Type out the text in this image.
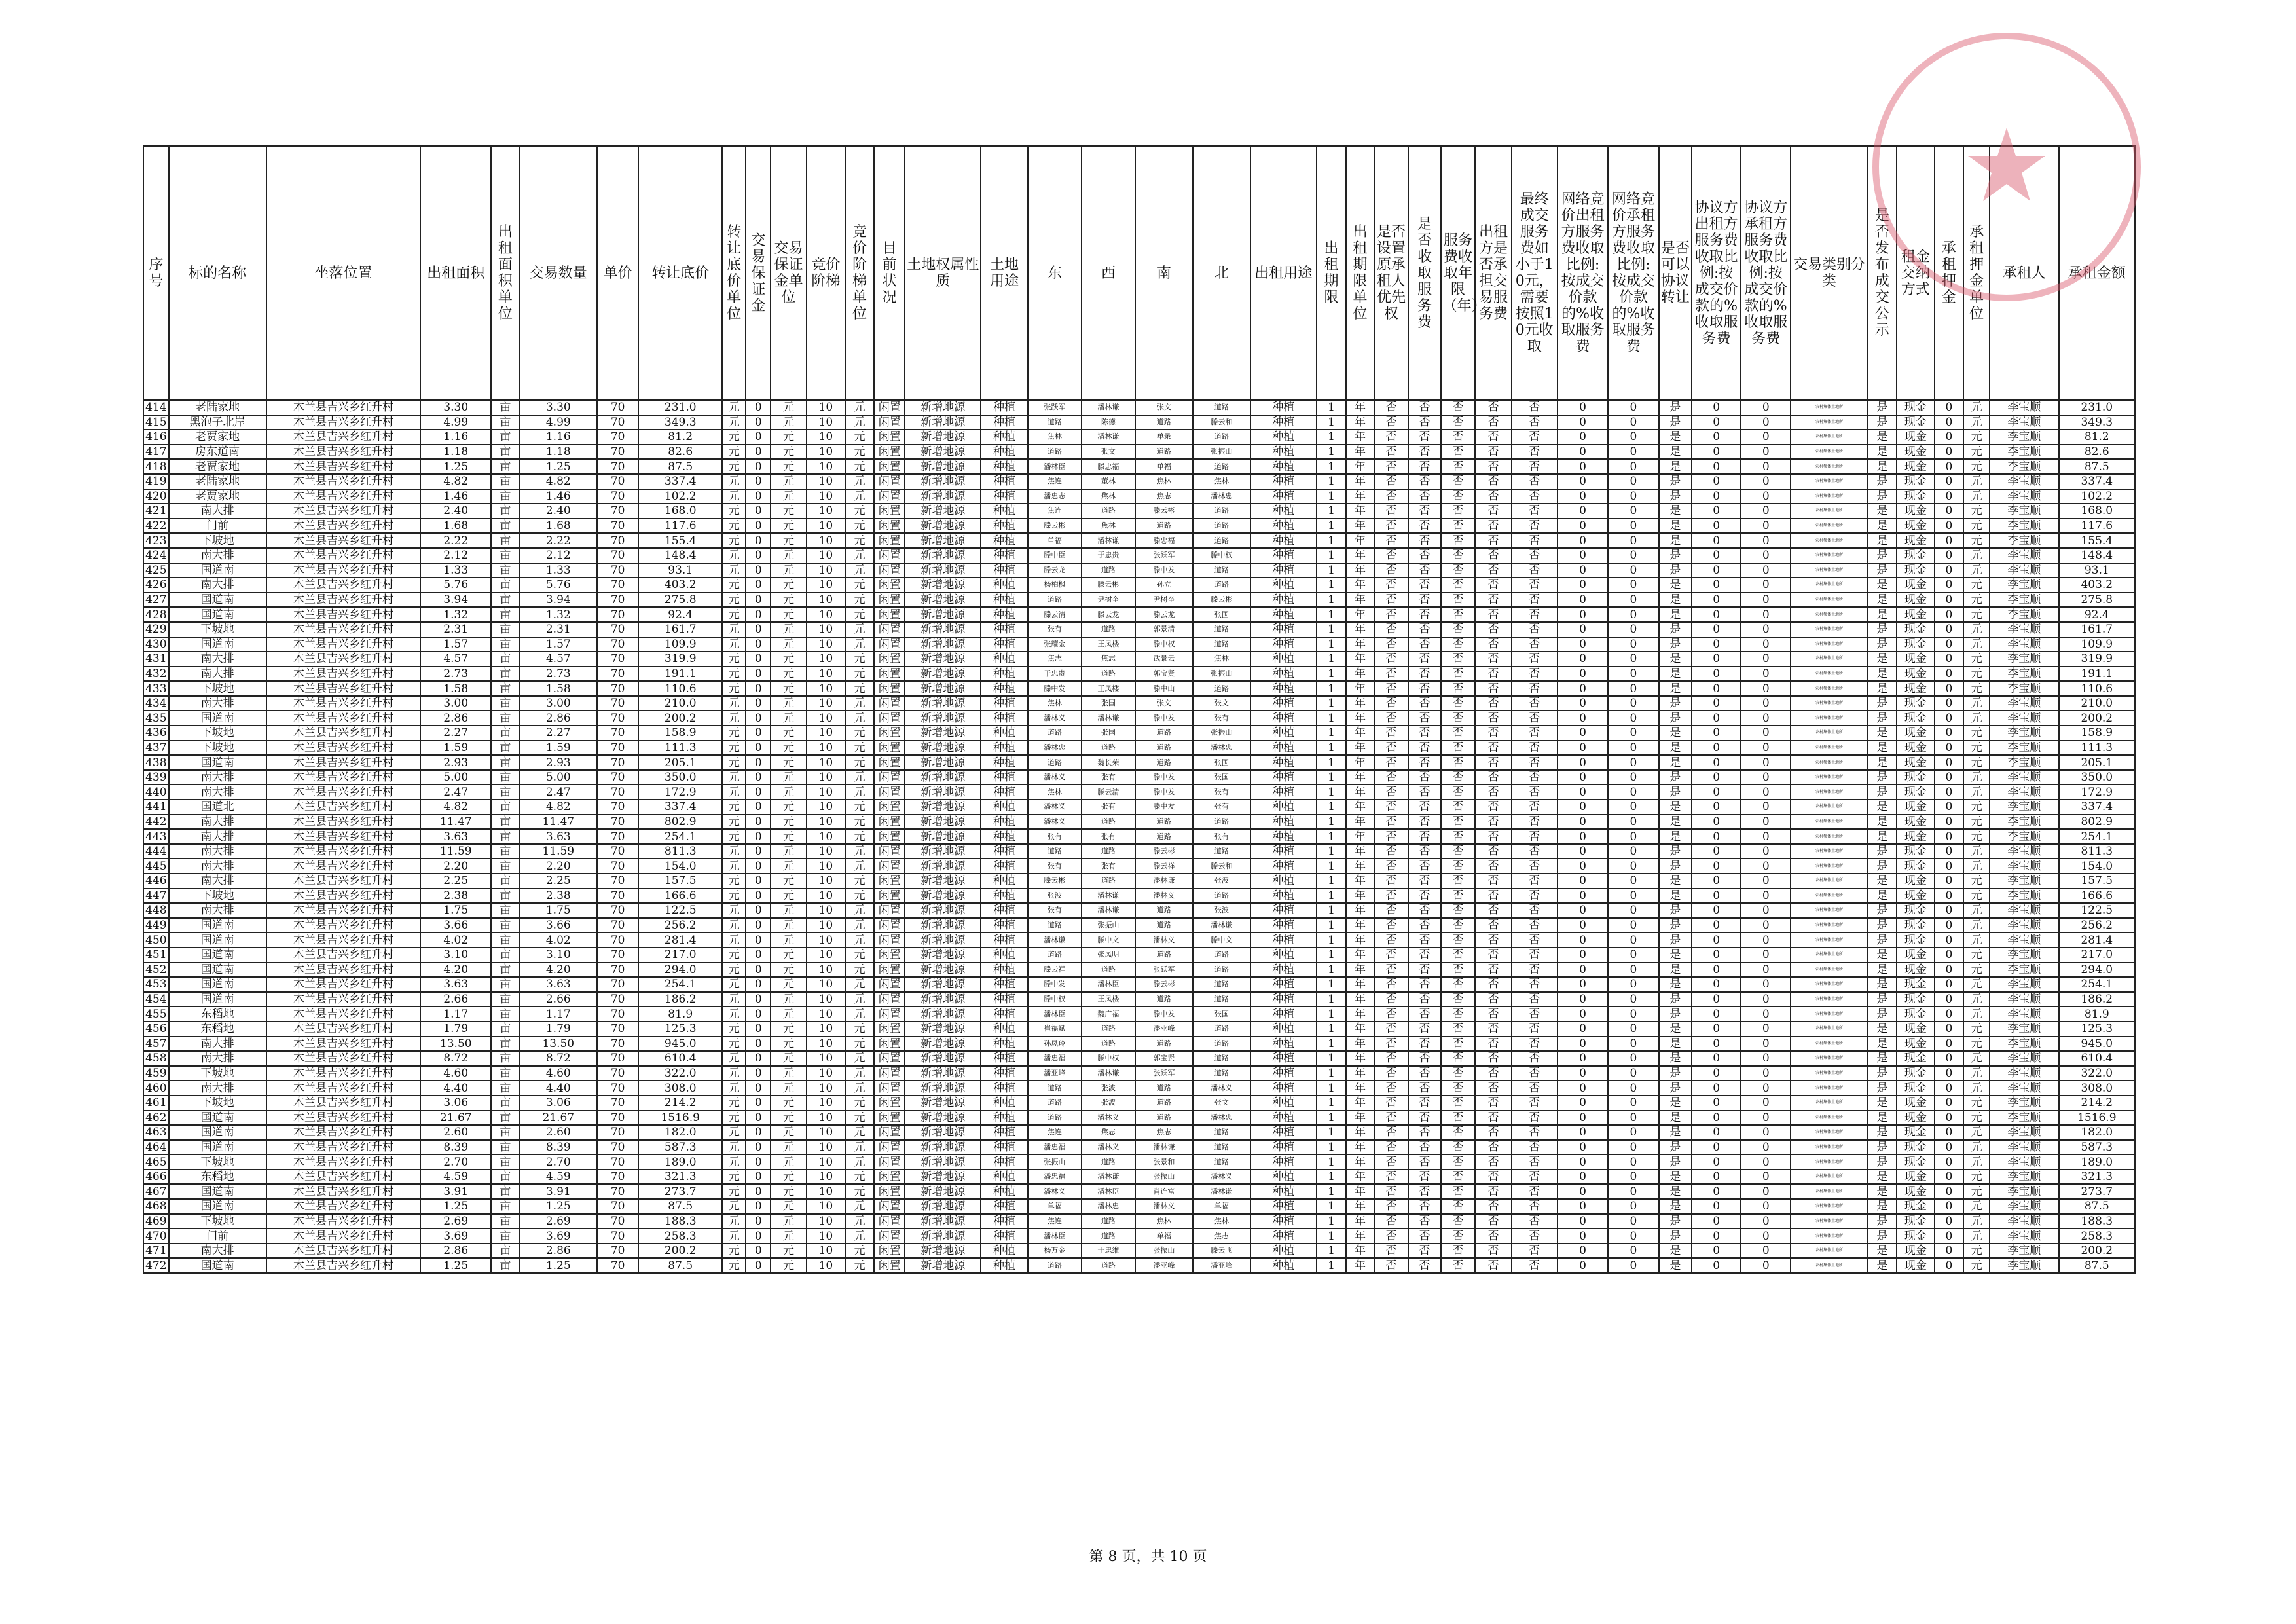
序号	标的名称	坐落位置	出租面积	出租面积单位	交易数量	单价	转让底价	转让底价单位	交易保证金	交易保证金单位	竞价阶梯	竞价阶梯单位	目前状况	土地权属性质	土地用途	东	西	南	北	出租用途	出租期限	出租期限单位	是否设置原承租人优先权	是否收取服务费	服务费收取年限（年）	出租方是否承担交易服务费	最终成交服务费如小于10元，需要按照10元收取	网络竞价出租方服务费收取比例:按成交价款的%收取服务费	网络竞价承租方服务费收取比例:按成交价款的%收取服务费	是否可以协议转让	协议方出租方服务费收取比例:按成交价款的%收取服务费	协议方承租方服务费收取比例:按成交价款的%收取服务费	交易类别分类	是否发布成交公示	租金交纳方式	承租押金	承租押金单位	承租人	承租金额
414	老陆家地	木兰县吉兴乡红升村	3.30	亩	3.30	70	231.0	元	0	元	10	元	闲置	新增地源	种植	张跃军	潘林谦	张文	道路	种植	1	年	否	否	否	否	否	0	0	是	0	0	农村集体土地所	是	现金	0	元	李宝顺	231.0
415	黑泡子北岸	木兰县吉兴乡红升村	4.99	亩	4.99	70	349.3	元	0	元	10	元	闲置	新增地源	种植	道路	陈德	道路	滕云和	种植	1	年	否	否	否	否	否	0	0	是	0	0	农村集体土地所	是	现金	0	元	李宝顺	349.3
416	老贾家地	木兰县吉兴乡红升村	1.16	亩	1.16	70	81.2	元	0	元	10	元	闲置	新增地源	种植	焦林	潘林谦	单录	道路	种植	1	年	否	否	否	否	否	0	0	是	0	0	农村集体土地所	是	现金	0	元	李宝顺	81.2
417	房东道南	木兰县吉兴乡红升村	1.18	亩	1.18	70	82.6	元	0	元	10	元	闲置	新增地源	种植	道路	张文	道路	张振山	种植	1	年	否	否	否	否	否	0	0	是	0	0	农村集体土地所	是	现金	0	元	李宝顺	82.6
418	老贾家地	木兰县吉兴乡红升村	1.25	亩	1.25	70	87.5	元	0	元	10	元	闲置	新增地源	种植	潘林臣	滕忠福	单福	道路	种植	1	年	否	否	否	否	否	0	0	是	0	0	农村集体土地所	是	现金	0	元	李宝顺	87.5
419	老陆家地	木兰县吉兴乡红升村	4.82	亩	4.82	70	337.4	元	0	元	10	元	闲置	新增地源	种植	焦连	董林	焦林	焦林	种植	1	年	否	否	否	否	否	0	0	是	0	0	农村集体土地所	是	现金	0	元	李宝顺	337.4
420	老贾家地	木兰县吉兴乡红升村	1.46	亩	1.46	70	102.2	元	0	元	10	元	闲置	新增地源	种植	潘忠志	焦林	焦志	潘林忠	种植	1	年	否	否	否	否	否	0	0	是	0	0	农村集体土地所	是	现金	0	元	李宝顺	102.2
421	南大排	木兰县吉兴乡红升村	2.40	亩	2.40	70	168.0	元	0	元	10	元	闲置	新增地源	种植	焦连	道路	滕云彬	道路	种植	1	年	否	否	否	否	否	0	0	是	0	0	农村集体土地所	是	现金	0	元	李宝顺	168.0
422	门前	木兰县吉兴乡红升村	1.68	亩	1.68	70	117.6	元	0	元	10	元	闲置	新增地源	种植	滕云彬	焦林	道路	道路	种植	1	年	否	否	否	否	否	0	0	是	0	0	农村集体土地所	是	现金	0	元	李宝顺	117.6
423	下坡地	木兰县吉兴乡红升村	2.22	亩	2.22	70	155.4	元	0	元	10	元	闲置	新增地源	种植	单福	潘林谦	滕忠福	道路	种植	1	年	否	否	否	否	否	0	0	是	0	0	农村集体土地所	是	现金	0	元	李宝顺	155.4
424	南大排	木兰县吉兴乡红升村	2.12	亩	2.12	70	148.4	元	0	元	10	元	闲置	新增地源	种植	滕中臣	于忠贵	张跃军	滕中权	种植	1	年	否	否	否	否	否	0	0	是	0	0	农村集体土地所	是	现金	0	元	李宝顺	148.4
425	国道南	木兰县吉兴乡红升村	1.33	亩	1.33	70	93.1	元	0	元	10	元	闲置	新增地源	种植	滕云龙	道路	滕中发	道路	种植	1	年	否	否	否	否	否	0	0	是	0	0	农村集体土地所	是	现金	0	元	李宝顺	93.1
426	南大排	木兰县吉兴乡红升村	5.76	亩	5.76	70	403.2	元	0	元	10	元	闲置	新增地源	种植	杨柏枫	滕云彬	孙立	道路	种植	1	年	否	否	否	否	否	0	0	是	0	0	农村集体土地所	是	现金	0	元	李宝顺	403.2
427	国道南	木兰县吉兴乡红升村	3.94	亩	3.94	70	275.8	元	0	元	10	元	闲置	新增地源	种植	道路	尹树奎	尹树奎	滕云彬	种植	1	年	否	否	否	否	否	0	0	是	0	0	农村集体土地所	是	现金	0	元	李宝顺	275.8
428	国道南	木兰县吉兴乡红升村	1.32	亩	1.32	70	92.4	元	0	元	10	元	闲置	新增地源	种植	滕云清	滕云龙	滕云龙	张国	种植	1	年	否	否	否	否	否	0	0	是	0	0	农村集体土地所	是	现金	0	元	李宝顺	92.4
429	下坡地	木兰县吉兴乡红升村	2.31	亩	2.31	70	161.7	元	0	元	10	元	闲置	新增地源	种植	张有	道路	郭景清	道路	种植	1	年	否	否	否	否	否	0	0	是	0	0	农村集体土地所	是	现金	0	元	李宝顺	161.7
430	国道南	木兰县吉兴乡红升村	1.57	亩	1.57	70	109.9	元	0	元	10	元	闲置	新增地源	种植	张耀金	王凤楼	滕中权	道路	种植	1	年	否	否	否	否	否	0	0	是	0	0	农村集体土地所	是	现金	0	元	李宝顺	109.9
431	南大排	木兰县吉兴乡红升村	4.57	亩	4.57	70	319.9	元	0	元	10	元	闲置	新增地源	种植	焦志	焦志	武景云	焦林	种植	1	年	否	否	否	否	否	0	0	是	0	0	农村集体土地所	是	现金	0	元	李宝顺	319.9
432	南大排	木兰县吉兴乡红升村	2.73	亩	2.73	70	191.1	元	0	元	10	元	闲置	新增地源	种植	于忠贵	道路	郭宝贤	张振山	种植	1	年	否	否	否	否	否	0	0	是	0	0	农村集体土地所	是	现金	0	元	李宝顺	191.1
433	下坡地	木兰县吉兴乡红升村	1.58	亩	1.58	70	110.6	元	0	元	10	元	闲置	新增地源	种植	滕中发	王凤楼	滕中山	道路	种植	1	年	否	否	否	否	否	0	0	是	0	0	农村集体土地所	是	现金	0	元	李宝顺	110.6
434	南大排	木兰县吉兴乡红升村	3.00	亩	3.00	70	210.0	元	0	元	10	元	闲置	新增地源	种植	焦林	张国	张文	张文	种植	1	年	否	否	否	否	否	0	0	是	0	0	农村集体土地所	是	现金	0	元	李宝顺	210.0
435	国道南	木兰县吉兴乡红升村	2.86	亩	2.86	70	200.2	元	0	元	10	元	闲置	新增地源	种植	潘林义	潘林谦	滕中发	张有	种植	1	年	否	否	否	否	否	0	0	是	0	0	农村集体土地所	是	现金	0	元	李宝顺	200.2
436	下坡地	木兰县吉兴乡红升村	2.27	亩	2.27	70	158.9	元	0	元	10	元	闲置	新增地源	种植	道路	张国	道路	张振山	种植	1	年	否	否	否	否	否	0	0	是	0	0	农村集体土地所	是	现金	0	元	李宝顺	158.9
437	下坡地	木兰县吉兴乡红升村	1.59	亩	1.59	70	111.3	元	0	元	10	元	闲置	新增地源	种植	潘林忠	道路	道路	潘林忠	种植	1	年	否	否	否	否	否	0	0	是	0	0	农村集体土地所	是	现金	0	元	李宝顺	111.3
438	国道南	木兰县吉兴乡红升村	2.93	亩	2.93	70	205.1	元	0	元	10	元	闲置	新增地源	种植	道路	魏长荣	道路	张国	种植	1	年	否	否	否	否	否	0	0	是	0	0	农村集体土地所	是	现金	0	元	李宝顺	205.1
439	南大排	木兰县吉兴乡红升村	5.00	亩	5.00	70	350.0	元	0	元	10	元	闲置	新增地源	种植	潘林义	张有	滕中发	张国	种植	1	年	否	否	否	否	否	0	0	是	0	0	农村集体土地所	是	现金	0	元	李宝顺	350.0
440	南大排	木兰县吉兴乡红升村	2.47	亩	2.47	70	172.9	元	0	元	10	元	闲置	新增地源	种植	焦林	滕云清	滕中发	张有	种植	1	年	否	否	否	否	否	0	0	是	0	0	农村集体土地所	是	现金	0	元	李宝顺	172.9
441	国道北	木兰县吉兴乡红升村	4.82	亩	4.82	70	337.4	元	0	元	10	元	闲置	新增地源	种植	潘林义	张有	滕中发	张有	种植	1	年	否	否	否	否	否	0	0	是	0	0	农村集体土地所	是	现金	0	元	李宝顺	337.4
442	南大排	木兰县吉兴乡红升村	11.47	亩	11.47	70	802.9	元	0	元	10	元	闲置	新增地源	种植	潘林义	道路	道路	道路	种植	1	年	否	否	否	否	否	0	0	是	0	0	农村集体土地所	是	现金	0	元	李宝顺	802.9
443	南大排	木兰县吉兴乡红升村	3.63	亩	3.63	70	254.1	元	0	元	10	元	闲置	新增地源	种植	张有	张有	道路	张有	种植	1	年	否	否	否	否	否	0	0	是	0	0	农村集体土地所	是	现金	0	元	李宝顺	254.1
444	南大排	木兰县吉兴乡红升村	11.59	亩	11.59	70	811.3	元	0	元	10	元	闲置	新增地源	种植	道路	道路	滕云彬	道路	种植	1	年	否	否	否	否	否	0	0	是	0	0	农村集体土地所	是	现金	0	元	李宝顺	811.3
445	南大排	木兰县吉兴乡红升村	2.20	亩	2.20	70	154.0	元	0	元	10	元	闲置	新增地源	种植	张有	张有	滕云祥	滕云和	种植	1	年	否	否	否	否	否	0	0	是	0	0	农村集体土地所	是	现金	0	元	李宝顺	154.0
446	南大排	木兰县吉兴乡红升村	2.25	亩	2.25	70	157.5	元	0	元	10	元	闲置	新增地源	种植	滕云彬	道路	潘林谦	张波	种植	1	年	否	否	否	否	否	0	0	是	0	0	农村集体土地所	是	现金	0	元	李宝顺	157.5
447	下坡地	木兰县吉兴乡红升村	2.38	亩	2.38	70	166.6	元	0	元	10	元	闲置	新增地源	种植	张波	潘林谦	潘林义	道路	种植	1	年	否	否	否	否	否	0	0	是	0	0	农村集体土地所	是	现金	0	元	李宝顺	166.6
448	南大排	木兰县吉兴乡红升村	1.75	亩	1.75	70	122.5	元	0	元	10	元	闲置	新增地源	种植	张有	潘林谦	道路	张波	种植	1	年	否	否	否	否	否	0	0	是	0	0	农村集体土地所	是	现金	0	元	李宝顺	122.5
449	国道南	木兰县吉兴乡红升村	3.66	亩	3.66	70	256.2	元	0	元	10	元	闲置	新增地源	种植	道路	张振山	道路	潘林谦	种植	1	年	否	否	否	否	否	0	0	是	0	0	农村集体土地所	是	现金	0	元	李宝顺	256.2
450	国道南	木兰县吉兴乡红升村	4.02	亩	4.02	70	281.4	元	0	元	10	元	闲置	新增地源	种植	潘林谦	滕中文	潘林义	滕中文	种植	1	年	否	否	否	否	否	0	0	是	0	0	农村集体土地所	是	现金	0	元	李宝顺	281.4
451	国道南	木兰县吉兴乡红升村	3.10	亩	3.10	70	217.0	元	0	元	10	元	闲置	新增地源	种植	道路	张凤明	道路	道路	种植	1	年	否	否	否	否	否	0	0	是	0	0	农村集体土地所	是	现金	0	元	李宝顺	217.0
452	国道南	木兰县吉兴乡红升村	4.20	亩	4.20	70	294.0	元	0	元	10	元	闲置	新增地源	种植	滕云祥	道路	张跃军	道路	种植	1	年	否	否	否	否	否	0	0	是	0	0	农村集体土地所	是	现金	0	元	李宝顺	294.0
453	国道南	木兰县吉兴乡红升村	3.63	亩	3.63	70	254.1	元	0	元	10	元	闲置	新增地源	种植	滕中发	潘林臣	滕云彬	道路	种植	1	年	否	否	否	否	否	0	0	是	0	0	农村集体土地所	是	现金	0	元	李宝顺	254.1
454	国道南	木兰县吉兴乡红升村	2.66	亩	2.66	70	186.2	元	0	元	10	元	闲置	新增地源	种植	滕中权	王凤楼	道路	道路	种植	1	年	否	否	否	否	否	0	0	是	0	0	农村集体土地所	是	现金	0	元	李宝顺	186.2
455	东稻地	木兰县吉兴乡红升村	1.17	亩	1.17	70	81.9	元	0	元	10	元	闲置	新增地源	种植	潘林臣	魏广福	滕中发	张国	种植	1	年	否	否	否	否	否	0	0	是	0	0	农村集体土地所	是	现金	0	元	李宝顺	81.9
456	东稻地	木兰县吉兴乡红升村	1.79	亩	1.79	70	125.3	元	0	元	10	元	闲置	新增地源	种植	崔福斌	道路	潘亚峰	道路	种植	1	年	否	否	否	否	否	0	0	是	0	0	农村集体土地所	是	现金	0	元	李宝顺	125.3
457	南大排	木兰县吉兴乡红升村	13.50	亩	13.50	70	945.0	元	0	元	10	元	闲置	新增地源	种植	孙凤玲	道路	道路	道路	种植	1	年	否	否	否	否	否	0	0	是	0	0	农村集体土地所	是	现金	0	元	李宝顺	945.0
458	南大排	木兰县吉兴乡红升村	8.72	亩	8.72	70	610.4	元	0	元	10	元	闲置	新增地源	种植	潘忠福	滕中权	郭宝贤	道路	种植	1	年	否	否	否	否	否	0	0	是	0	0	农村集体土地所	是	现金	0	元	李宝顺	610.4
459	下坡地	木兰县吉兴乡红升村	4.60	亩	4.60	70	322.0	元	0	元	10	元	闲置	新增地源	种植	潘亚峰	潘林谦	张跃军	道路	种植	1	年	否	否	否	否	否	0	0	是	0	0	农村集体土地所	是	现金	0	元	李宝顺	322.0
460	南大排	木兰县吉兴乡红升村	4.40	亩	4.40	70	308.0	元	0	元	10	元	闲置	新增地源	种植	道路	张波	道路	潘林义	种植	1	年	否	否	否	否	否	0	0	是	0	0	农村集体土地所	是	现金	0	元	李宝顺	308.0
461	下坡地	木兰县吉兴乡红升村	3.06	亩	3.06	70	214.2	元	0	元	10	元	闲置	新增地源	种植	道路	张波	道路	张文	种植	1	年	否	否	否	否	否	0	0	是	0	0	农村集体土地所	是	现金	0	元	李宝顺	214.2
462	国道南	木兰县吉兴乡红升村	21.67	亩	21.67	70	1516.9	元	0	元	10	元	闲置	新增地源	种植	道路	潘林义	道路	潘林忠	种植	1	年	否	否	否	否	否	0	0	是	0	0	农村集体土地所	是	现金	0	元	李宝顺	1516.9
463	国道南	木兰县吉兴乡红升村	2.60	亩	2.60	70	182.0	元	0	元	10	元	闲置	新增地源	种植	焦连	焦志	焦志	道路	种植	1	年	否	否	否	否	否	0	0	是	0	0	农村集体土地所	是	现金	0	元	李宝顺	182.0
464	国道南	木兰县吉兴乡红升村	8.39	亩	8.39	70	587.3	元	0	元	10	元	闲置	新增地源	种植	潘忠福	潘林义	潘林谦	道路	种植	1	年	否	否	否	否	否	0	0	是	0	0	农村集体土地所	是	现金	0	元	李宝顺	587.3
465	下坡地	木兰县吉兴乡红升村	2.70	亩	2.70	70	189.0	元	0	元	10	元	闲置	新增地源	种植	张振山	道路	张景和	道路	种植	1	年	否	否	否	否	否	0	0	是	0	0	农村集体土地所	是	现金	0	元	李宝顺	189.0
466	东稻地	木兰县吉兴乡红升村	4.59	亩	4.59	70	321.3	元	0	元	10	元	闲置	新增地源	种植	潘忠福	潘林谦	张振山	潘林义	种植	1	年	否	否	否	否	否	0	0	是	0	0	农村集体土地所	是	现金	0	元	李宝顺	321.3
467	国道南	木兰县吉兴乡红升村	3.91	亩	3.91	70	273.7	元	0	元	10	元	闲置	新增地源	种植	潘林义	潘林臣	肖连富	潘林谦	种植	1	年	否	否	否	否	否	0	0	是	0	0	农村集体土地所	是	现金	0	元	李宝顺	273.7
468	国道南	木兰县吉兴乡红升村	1.25	亩	1.25	70	87.5	元	0	元	10	元	闲置	新增地源	种植	单福	潘林忠	潘林义	单福	种植	1	年	否	否	否	否	否	0	0	是	0	0	农村集体土地所	是	现金	0	元	李宝顺	87.5
469	下坡地	木兰县吉兴乡红升村	2.69	亩	2.69	70	188.3	元	0	元	10	元	闲置	新增地源	种植	焦连	道路	焦林	焦林	种植	1	年	否	否	否	否	否	0	0	是	0	0	农村集体土地所	是	现金	0	元	李宝顺	188.3
470	门前	木兰县吉兴乡红升村	3.69	亩	3.69	70	258.3	元	0	元	10	元	闲置	新增地源	种植	潘林臣	道路	单福	焦志	种植	1	年	否	否	否	否	否	0	0	是	0	0	农村集体土地所	是	现金	0	元	李宝顺	258.3
471	南大排	木兰县吉兴乡红升村	2.86	亩	2.86	70	200.2	元	0	元	10	元	闲置	新增地源	种植	杨万金	于忠维	张振山	滕云飞	种植	1	年	否	否	否	否	否	0	0	是	0	0	农村集体土地所	是	现金	0	元	李宝顺	200.2
472	国道南	木兰县吉兴乡红升村	1.25	亩	1.25	70	87.5	元	0	元	10	元	闲置	新增地源	种植	道路	道路	潘亚峰	潘亚峰	种植	1	年	否	否	否	否	否	0	0	是	0	0	农村集体土地所	是	现金	0	元	李宝顺	87.5
第 8 页，共 10 页
